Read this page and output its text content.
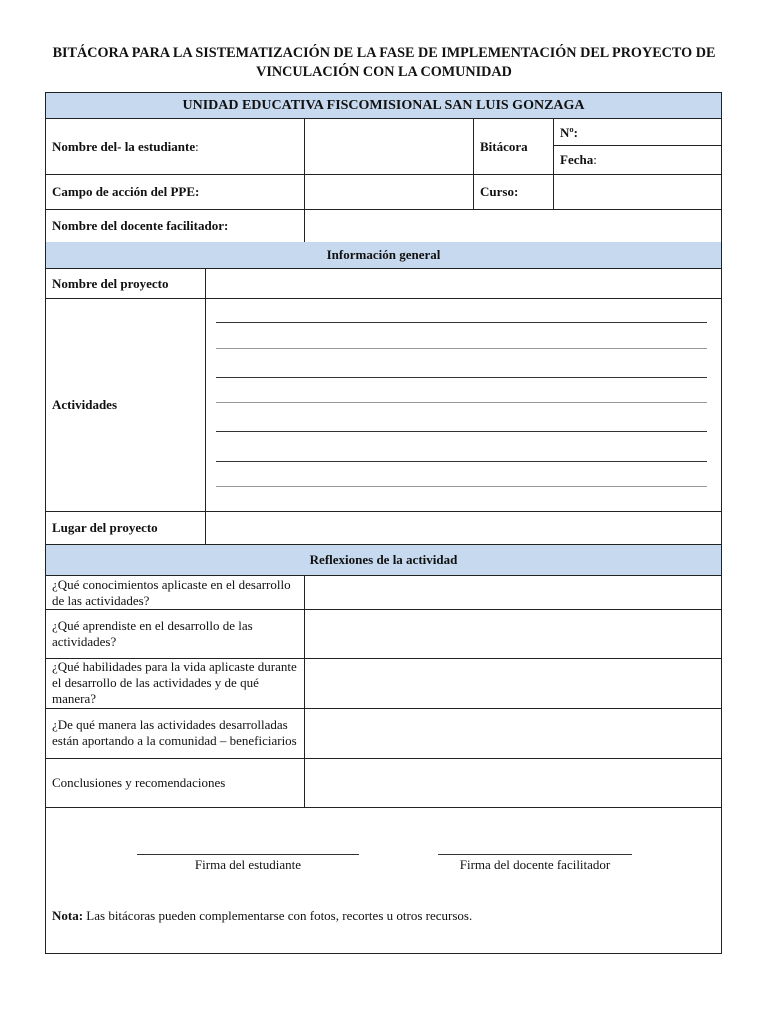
BITÁCORA PARA LA SISTEMATIZACIÓN DE LA FASE DE IMPLEMENTACIÓN DEL PROYECTO DE
VINCULACIÓN CON LA COMUNIDAD
UNIDAD EDUCATIVA FISCOMISIONAL SAN LUIS GONZAGA
Nombre del- la estudiante :	Bitácora
Nº:
Fecha :
Campo de acción del PPE:	Curso:
Nombre del docente facilitador:
Información general
Nombre del proyecto
Actividades
Lugar del proyecto
Reflexiones de la actividad
¿Qué conocimientos aplicaste en el desarrollo de las actividades?
¿Qué aprendiste en el desarrollo de las actividades?
¿Qué habilidades para la vida aplicaste durante el desarrollo de las actividades y de qué manera?
¿De qué manera las actividades desarrolladas están aportando a la comunidad – beneficiarios
Conclusiones y recomendaciones
Firma del estudiante	Firma del docente facilitador
Nota: Las bitácoras pueden complementarse con fotos, recortes u otros recursos.
